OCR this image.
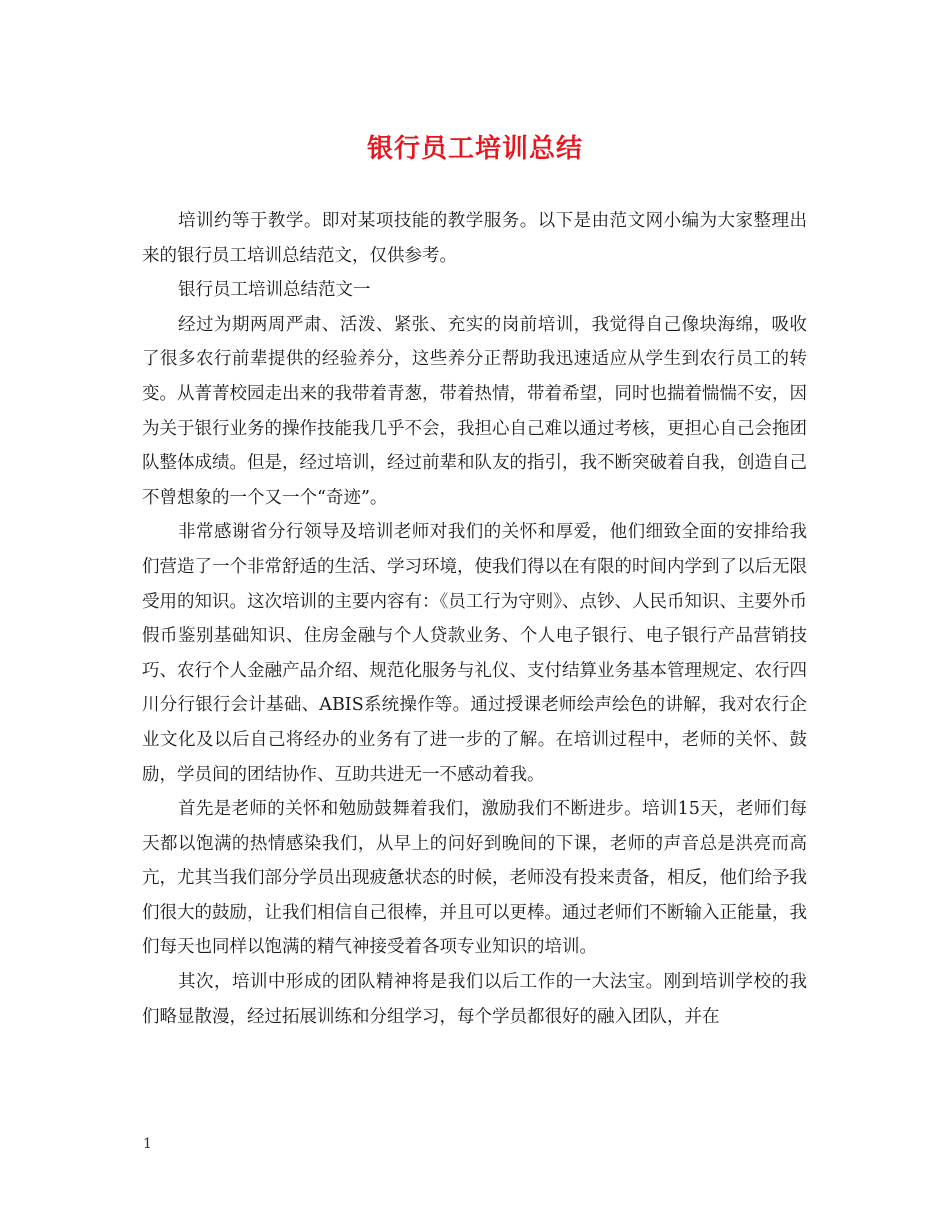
银行员工培训总结

培训约等于教学。即对某项技能的教学服务。以下是由范文网小编为大家整理出来的银行员工培训总结范文，仅供参考。

银行员工培训总结范文一

经过为期两周严肃、活泼、紧张、充实的岗前培训，我觉得自己像块海绵，吸收了很多农行前辈提供的经验养分，这些养分正帮助我迅速适应从学生到农行员工的转变。从菁菁校园走出来的我带着青葱，带着热情，带着希望，同时也揣着惴惴不安，因为关于银行业务的操作技能我几乎不会，我担心自己难以通过考核，更担心自己会拖团队整体成绩。但是，经过培训，经过前辈和队友的指引，我不断突破着自我，创造自己不曾想象的一个又一个“奇迹”。

非常感谢省分行领导及培训老师对我们的关怀和厚爱，他们细致全面的安排给我们营造了一个非常舒适的生活、学习环境，使我们得以在有限的时间内学到了以后无限受用的知识。这次培训的主要内容有：《员工行为守则》、点钞、人民币知识、主要外币假币鉴别基础知识、住房金融与个人贷款业务、个人电子银行、电子银行产品营销技巧、农行个人金融产品介绍、规范化服务与礼仪、支付结算业务基本管理规定、农行四川分行银行会计基础、ABIS系统操作等。通过授课老师绘声绘色的讲解，我对农行企业文化及以后自己将经办的业务有了进一步的了解。在培训过程中，老师的关怀、鼓励，学员间的团结协作、互助共进无一不感动着我。

首先是老师的关怀和勉励鼓舞着我们，激励我们不断进步。培训15天，老师们每天都以饱满的热情感染我们，从早上的问好到晚间的下课，老师的声音总是洪亮而高亢，尤其当我们部分学员出现疲惫状态的时候，老师没有投来责备，相反，他们给予我们很大的鼓励，让我们相信自己很棒，并且可以更棒。通过老师们不断输入正能量，我们每天也同样以饱满的精气神接受着各项专业知识的培训。

其次，培训中形成的团队精神将是我们以后工作的一大法宝。刚到培训学校的我们略显散漫，经过拓展训练和分组学习，每个学员都很好的融入团队，并在

1
